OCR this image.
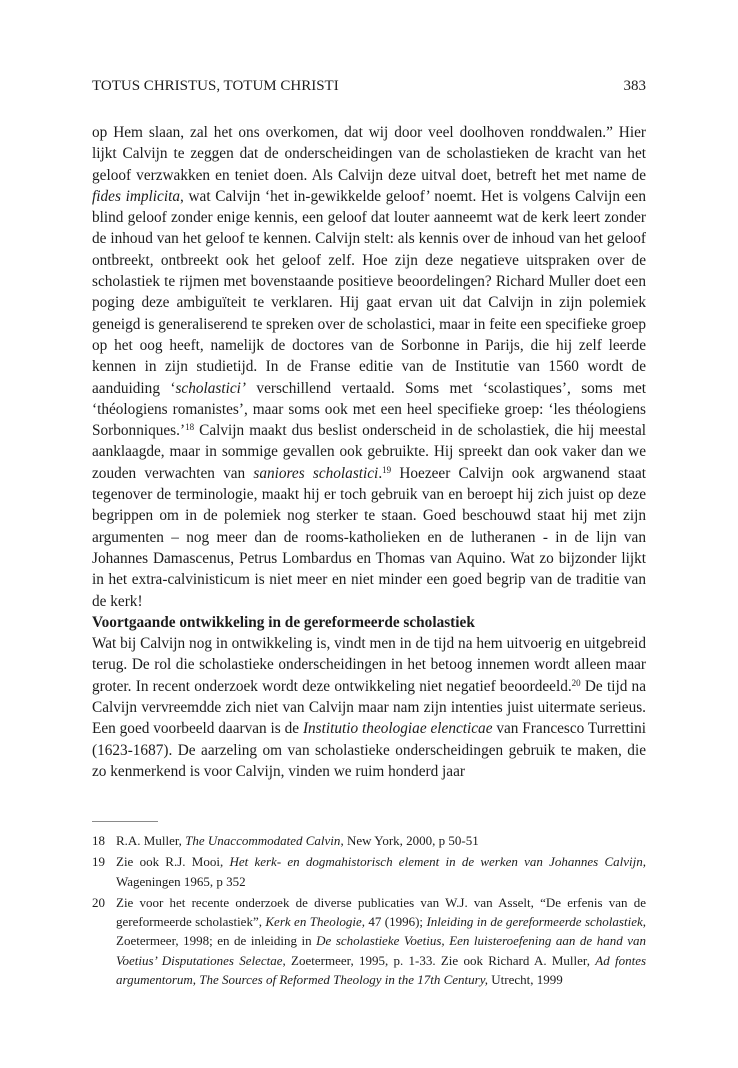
TOTUS CHRISTUS, TOTUM CHRISTI	383

op Hem slaan, zal het ons overkomen, dat wij door veel doolhoven ronddwalen.” Hier lijkt Calvijn te zeggen dat de onderscheidingen van de scholastieken de kracht van het geloof verzwakken en teniet doen. Als Calvijn deze uitval doet, betreft het met name de fides implicita, wat Calvijn ‘het in-gewikkelde geloof’ noemt. Het is volgens Calvijn een blind geloof zonder enige kennis, een geloof dat louter aanneemt wat de kerk leert zonder de inhoud van het geloof te kennen. Calvijn stelt: als kennis over de inhoud van het geloof ontbreekt, ontbreekt ook het geloof zelf. Hoe zijn deze negatieve uitspraken over de scholastiek te rijmen met bovenstaande positieve beoordelingen? Richard Muller doet een poging deze ambiguïteit te verklaren. Hij gaat ervan uit dat Calvijn in zijn polemiek geneigd is generaliserend te spreken over de scholastici, maar in feite een specifieke groep op het oog heeft, namelijk de doctores van de Sorbonne in Parijs, die hij zelf leerde kennen in zijn studietijd. In de Franse editie van de Institutie van 1560 wordt de aanduiding ‘scholastici’ verschillend vertaald. Soms met ‘scolastiques’, soms met ‘théologiens romanistes’, maar soms ook met een heel specifieke groep: ‘les théologiens Sorbonniques.’$^{18}$ Calvijn maakt dus beslist onderscheid in de scholastiek, die hij meestal aanklaagde, maar in sommige gevallen ook gebruikte. Hij spreekt dan ook vaker dan we zouden verwachten van saniores scholastici.$^{19}$ Hoezeer Calvijn ook argwanend staat tegenover de terminologie, maakt hij er toch gebruik van en beroept hij zich juist op deze begrippen om in de polemiek nog sterker te staan. Goed beschouwd staat hij met zijn argumenten – nog meer dan de rooms-katholieken en de lutheranen - in de lijn van Johannes Damascenus, Petrus Lombardus en Thomas van Aquino. Wat zo bijzonder lijkt in het extra-calvinisticum is niet meer en niet minder een goed begrip van de traditie van de kerk!

Voortgaande ontwikkeling in de gereformeerde scholastiek

Wat bij Calvijn nog in ontwikkeling is, vindt men in de tijd na hem uitvoerig en uitgebreid terug. De rol die scholastieke onderscheidingen in het betoog innemen wordt alleen maar groter. In recent onderzoek wordt deze ontwikkeling niet negatief beoordeeld.$^{20}$ De tijd na Calvijn vervreemdde zich niet van Calvijn maar nam zijn intenties juist uitermate serieus. Een goed voorbeeld daarvan is de Institutio theologiae elencticae van Francesco Turrettini (1623-1687). De aarzeling om van scholastieke onderscheidingen gebruik te maken, die zo kenmerkend is voor Calvijn, vinden we ruim honderd jaar

18 R.A. Muller, The Unaccommodated Calvin, New York, 2000, p 50-51
19 Zie ook R.J. Mooi, Het kerk- en dogmahistorisch element in de werken van Johannes Calvijn, Wageningen 1965, p 352
20 Zie voor het recente onderzoek de diverse publicaties van W.J. van Asselt, “De erfenis van de gereformeerde scholastiek”, Kerk en Theologie, 47 (1996); Inleiding in de gereformeerde scholastiek, Zoetermeer, 1998; en de inleiding in De scholastieke Voetius, Een luisteroefening aan de hand van Voetius’ Disputationes Selectae, Zoetermeer, 1995, p. 1-33. Zie ook Richard A. Muller, Ad fontes argumentorum, The Sources of Reformed Theology in the 17th Century, Utrecht, 1999
